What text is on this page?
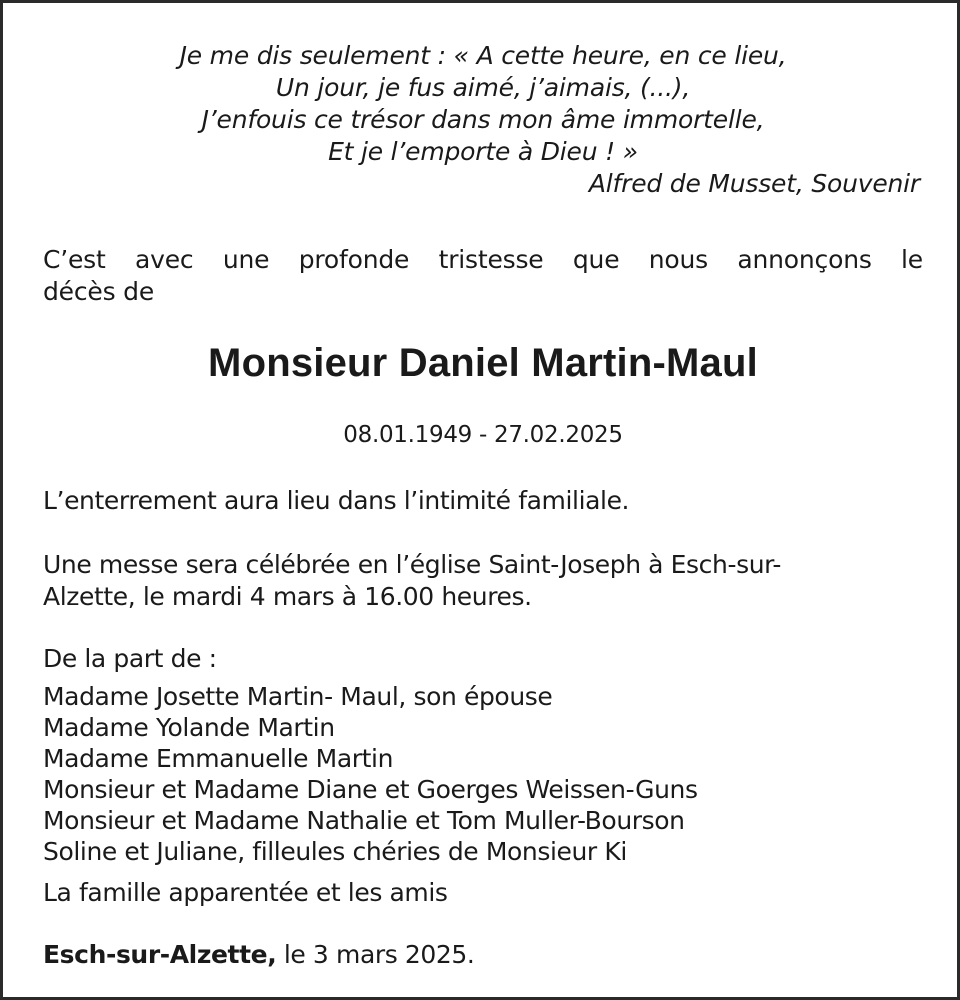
Je me dis seulement : « A cette heure, en ce lieu,

Un jour, je fus aimé, j’aimais, (...),

J’enfouis ce trésor dans mon âme immortelle,

Et je l’emporte à Dieu ! »

Alfred de Musset, Souvenir

C’est avec une profonde tristesse que nous annonçons le

décès de

Monsieur Daniel Martin-Maul

08.01.1949 - 27.02.2025

L’enterrement aura lieu dans l’intimité familiale.

Une messe sera célébrée en l’église Saint-Joseph à Esch-sur-

Alzette, le mardi 4 mars à 16.00 heures.

De la part de :

Madame Josette Martin- Maul, son épouse

Madame Yolande Martin

Madame Emmanuelle Martin

Monsieur et Madame Diane et Goerges Weissen-Guns

Monsieur et Madame Nathalie et Tom Muller-Bourson

Soline et Juliane, filleules chéries de Monsieur Ki

La famille apparentée et les amis

Esch-sur-Alzette, le 3 mars 2025.
